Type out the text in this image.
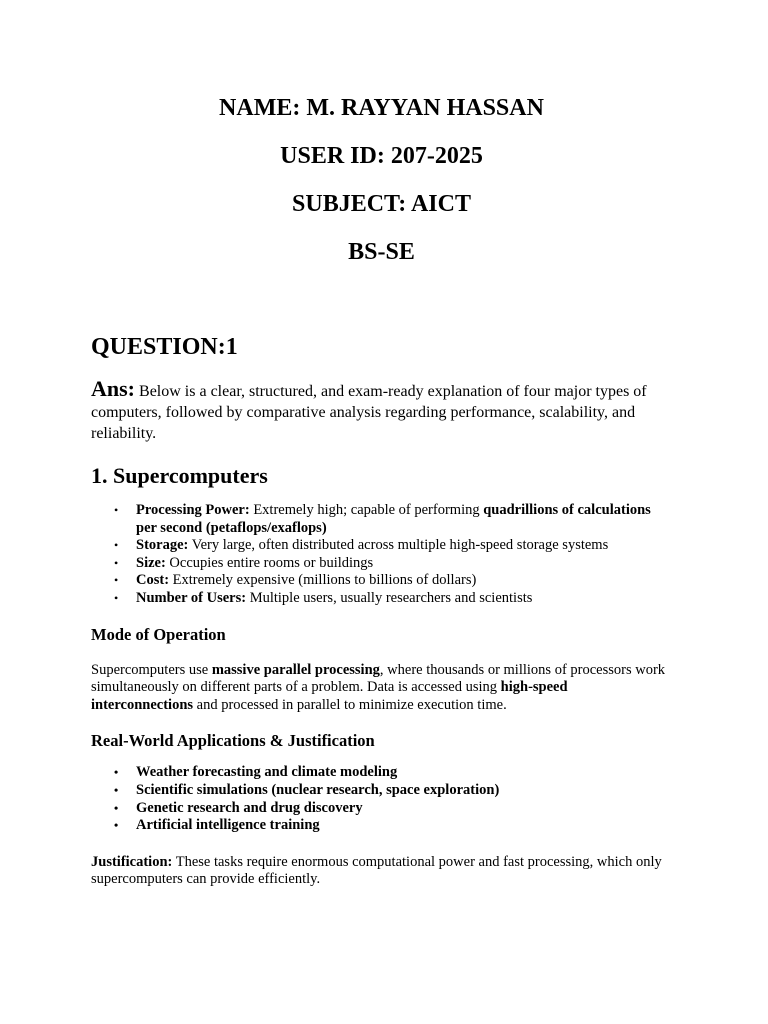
NAME: M. RAYYAN HASSAN

USER ID: 207-2025

SUBJECT: AICT

BS-SE

QUESTION:1

Ans: Below is a clear, structured, and exam-ready explanation of four major types of computers, followed by comparative analysis regarding performance, scalability, and reliability.

1. Supercomputers

• Processing Power: Extremely high; capable of performing quadrillions of calculations per second (petaflops/exaflops)
• Storage: Very large, often distributed across multiple high-speed storage systems
• Size: Occupies entire rooms or buildings
• Cost: Extremely expensive (millions to billions of dollars)
• Number of Users: Multiple users, usually researchers and scientists

Mode of Operation

Supercomputers use massive parallel processing, where thousands or millions of processors work simultaneously on different parts of a problem. Data is accessed using high-speed interconnections and processed in parallel to minimize execution time.

Real-World Applications & Justification

• Weather forecasting and climate modeling
• Scientific simulations (nuclear research, space exploration)
• Genetic research and drug discovery
• Artificial intelligence training

Justification: These tasks require enormous computational power and fast processing, which only supercomputers can provide efficiently.
